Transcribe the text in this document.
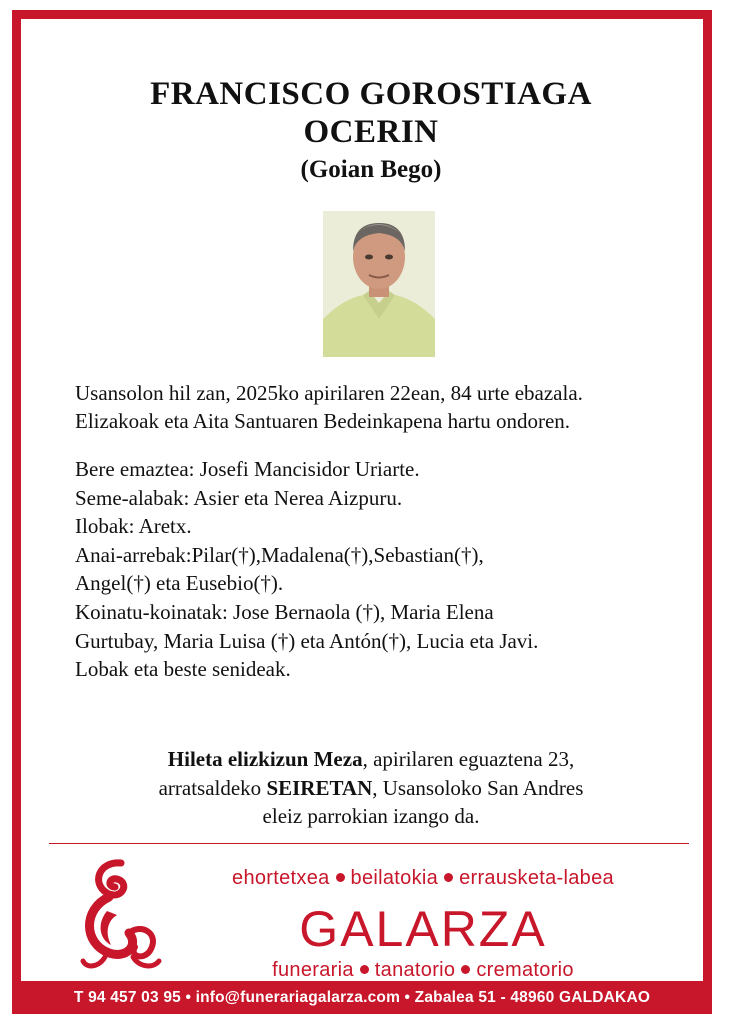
FRANCISCO GOROSTIAGA
OCERIN
(Goian Bego)

Usansolon hil zan, 2025ko apirilaren 22ean, 84 urte ebazala.

Elizakoak eta Aita Santuaren Bedeinkapena hartu ondoren.

Bere emaztea: Josefi Mancisidor Uriarte.

Seme-alabak: Asier eta Nerea Aizpuru.

Ilobak: Aretx.

Anai-arrebak:Pilar(†),Madalena(†),Sebastian(†),

Angel(†) eta Eusebio(†).

Koinatu-koinatak: Jose Bernaola (†), Maria Elena

Gurtubay, Maria Luisa (†) eta Antón(†), Lucia eta Javi.

Lobak eta beste senideak.

Hileta elizkizun Meza, apirilaren eguaztena 23,

arratsaldeko SEIRETAN, Usansoloko San Andres

eleiz parrokian izango da.

ehortetxea beilatokia errausketa-labea
GALARZA
funeraria tanatorio crematorio
T 94 457 03 95 • info@funerariagalarza.com • Zabalea 51 - 48960 GALDAKAO
